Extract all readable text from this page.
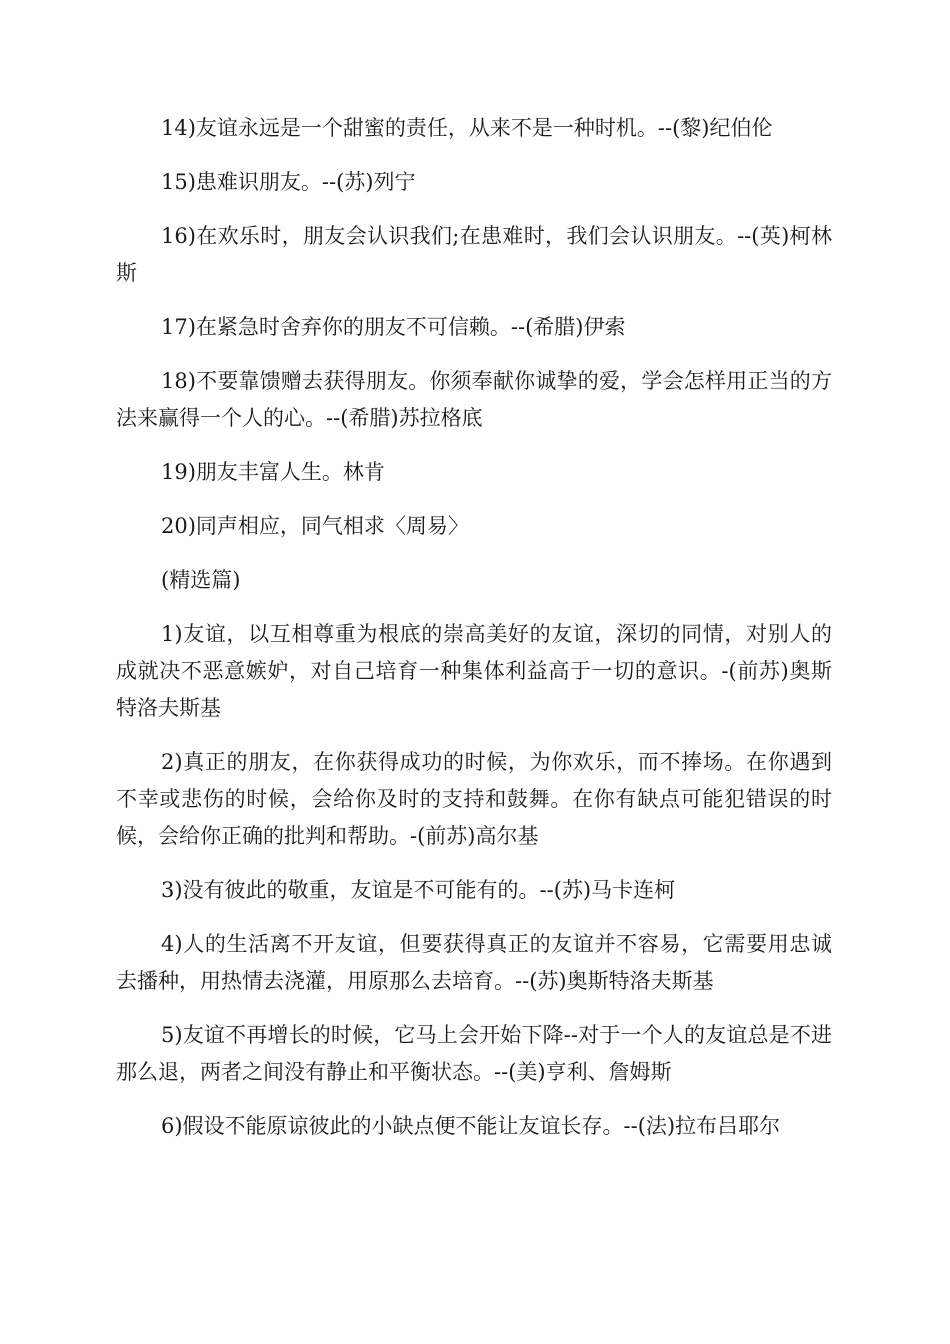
14)友谊永远是一个甜蜜的责任，从来不是一种时机。--(黎)纪伯伦

15)患难识朋友。--(苏)列宁

16)在欢乐时，朋友会认识我们;在患难时，我们会认识朋友。--(英)柯林斯

17)在紧急时舍弃你的朋友不可信赖。--(希腊)伊索

18)不要靠馈赠去获得朋友。你须奉献你诚挚的爱，学会怎样用正当的方法来赢得一个人的心。--(希腊)苏拉格底

19)朋友丰富人生。林肯

20)同声相应，同气相求〈周易〉

(精选篇)

1)友谊，以互相尊重为根底的崇高美好的友谊，深切的同情，对别人的成就决不恶意嫉妒，对自己培育一种集体利益高于一切的意识。-(前苏)奥斯特洛夫斯基

2)真正的朋友，在你获得成功的时候，为你欢乐，而不捧场。在你遇到不幸或悲伤的时候，会给你及时的支持和鼓舞。在你有缺点可能犯错误的时候，会给你正确的批判和帮助。-(前苏)高尔基

3)没有彼此的敬重，友谊是不可能有的。--(苏)马卡连柯

4)人的生活离不开友谊，但要获得真正的友谊并不容易，它需要用忠诚去播种，用热情去浇灌，用原那么去培育。--(苏)奥斯特洛夫斯基

5)友谊不再增长的时候，它马上会开始下降--对于一个人的友谊总是不进那么退，两者之间没有静止和平衡状态。--(美)亨利、詹姆斯

6)假设不能原谅彼此的小缺点便不能让友谊长存。--(法)拉布吕耶尔
